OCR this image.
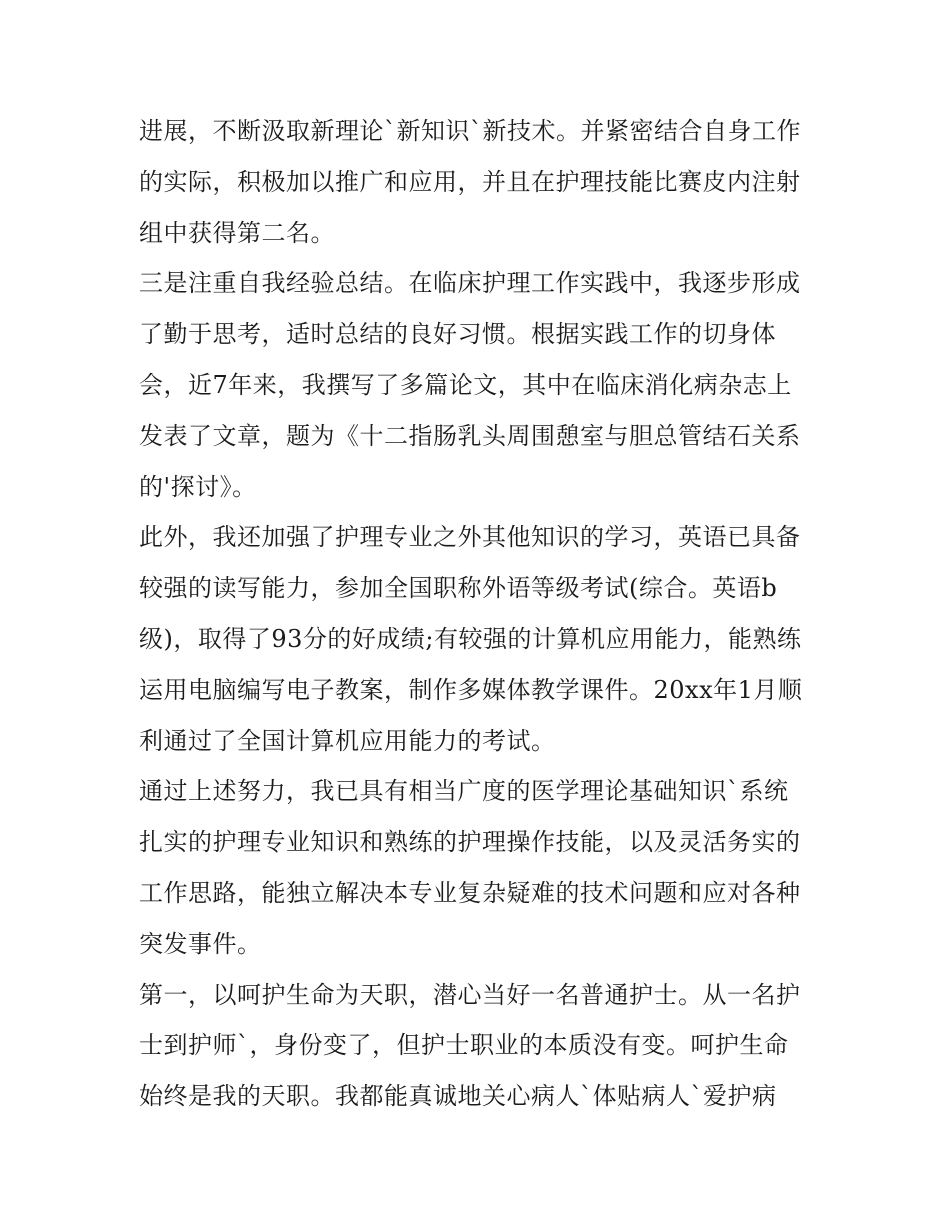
进展，不断汲取新理论`新知识`新技术。并紧密结合自身工作
的实际，积极加以推广和应用，并且在护理技能比赛皮内注射
组中获得第二名。
三是注重自我经验总结。在临床护理工作实践中，我逐步形成
了勤于思考，适时总结的良好习惯。根据实践工作的切身体
会，近7年来，我撰写了多篇论文，其中在临床消化病杂志上
发表了文章，题为《十二指肠乳头周围憩室与胆总管结石关系
的'探讨》。
此外，我还加强了护理专业之外其他知识的学习，英语已具备
较强的读写能力，参加全国职称外语等级考试(综合。英语b
级)，取得了93分的好成绩;有较强的计算机应用能力，能熟练
运用电脑编写电子教案，制作多媒体教学课件。20xx年1月顺
利通过了全国计算机应用能力的考试。
通过上述努力，我已具有相当广度的医学理论基础知识`系统
扎实的护理专业知识和熟练的护理操作技能，以及灵活务实的
工作思路，能独立解决本专业复杂疑难的技术问题和应对各种
突发事件。
第一，以呵护生命为天职，潜心当好一名普通护士。从一名护
士到护师`，身份变了，但护士职业的本质没有变。呵护生命
始终是我的天职。我都能真诚地关心病人`体贴病人`爱护病
